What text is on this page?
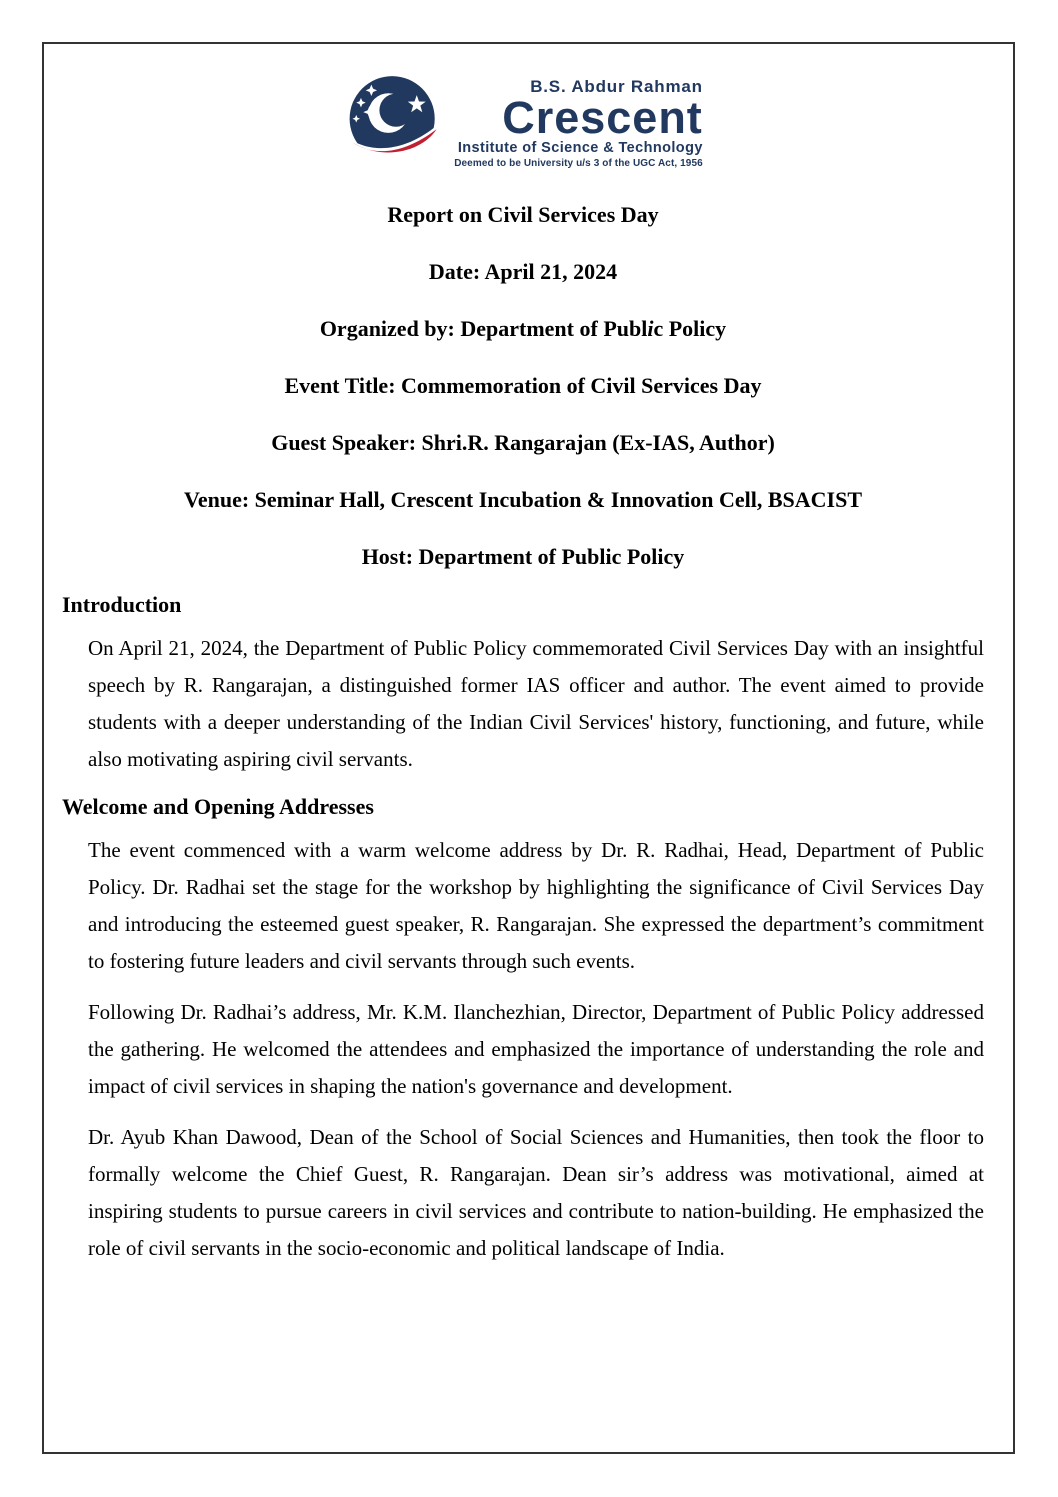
B.S. Abdur Rahman
Crescent
Institute of Science & Technology
Deemed to be University u/s 3 of the UGC Act, 1956
Report on Civil Services Day
Date: April 21, 2024
Organized by: Department of Public Policy
Event Title: Commemoration of Civil Services Day
Guest Speaker: Shri.R. Rangarajan (Ex-IAS, Author)
Venue: Seminar Hall, Crescent Incubation & Innovation Cell, BSACIST
Host: Department of Public Policy
Introduction

On April 21, 2024, the Department of Public Policy commemorated Civil Services Day with an insightful speech by R. Rangarajan, a distinguished former IAS officer and author. The event aimed to provide students with a deeper understanding of the Indian Civil Services' history, functioning, and future, while also motivating aspiring civil servants.

Welcome and Opening Addresses

The event commenced with a warm welcome address by Dr. R. Radhai, Head, Department of Public Policy. Dr. Radhai set the stage for the workshop by highlighting the significance of Civil Services Day and introducing the esteemed guest speaker, R. Rangarajan. She expressed the department’s commitment to fostering future leaders and civil servants through such events.

Following Dr. Radhai’s address, Mr. K.M. Ilanchezhian, Director, Department of Public Policy addressed the gathering. He welcomed the attendees and emphasized the importance of understanding the role and impact of civil services in shaping the nation's governance and development.

Dr. Ayub Khan Dawood, Dean of the School of Social Sciences and Humanities, then took the floor to formally welcome the Chief Guest, R. Rangarajan. Dean sir’s address was motivational, aimed at inspiring students to pursue careers in civil services and contribute to nation-building. He emphasized the role of civil servants in the socio-economic and political landscape of India.
